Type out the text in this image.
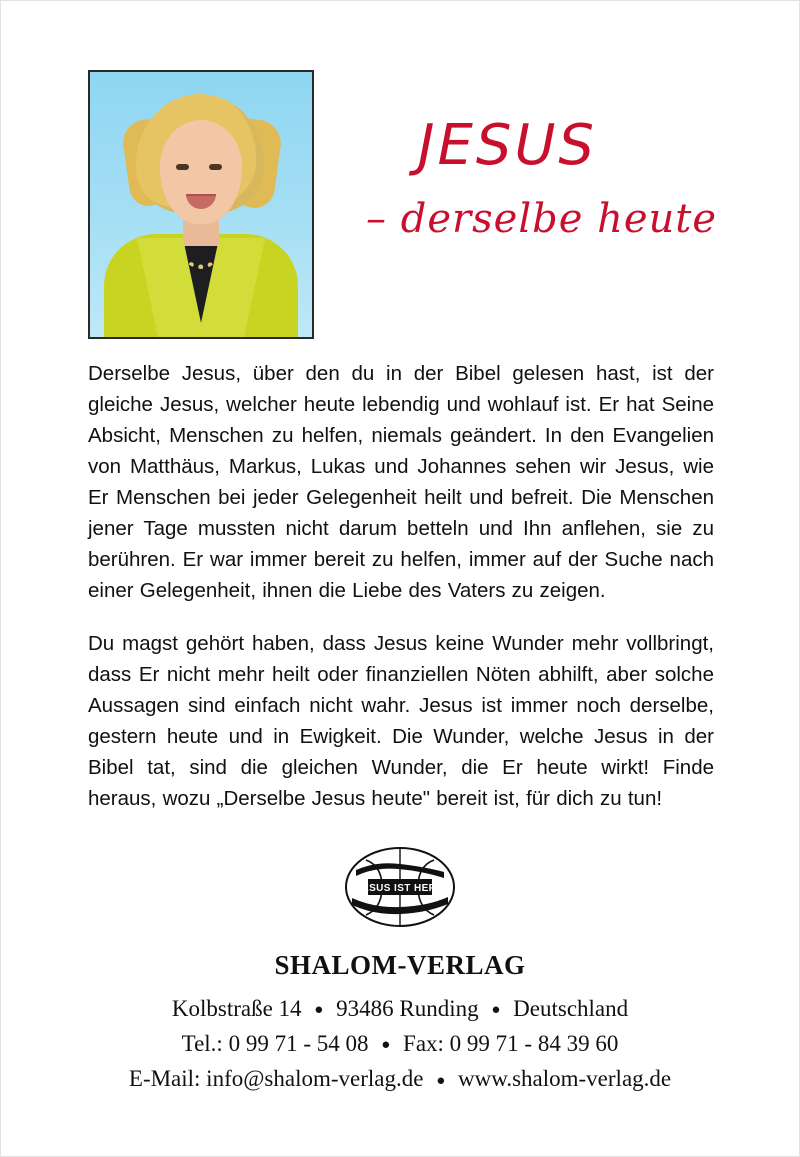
JESUS
– derselbe heute

Derselbe Jesus, über den du in der Bibel gelesen hast, ist der gleiche Jesus, welcher heute lebendig und wohlauf ist. Er hat Seine Absicht, Menschen zu helfen, niemals geändert. In den Evangelien von Matthäus, Markus, Lukas und Johannes sehen wir Jesus, wie Er Menschen bei jeder Gelegenheit heilt und befreit. Die Menschen jener Tage mussten nicht darum betteln und Ihn anflehen, sie zu berühren. Er war immer bereit zu helfen, immer auf der Suche nach einer Gelegenheit, ihnen die Liebe des Vaters zu zeigen.

Du magst gehört haben, dass Jesus keine Wunder mehr vollbringt, dass Er nicht mehr heilt oder finanziellen Nöten abhilft, aber solche Aussagen sind einfach nicht wahr. Jesus ist immer noch derselbe, gestern heute und in Ewigkeit. Die Wunder, welche Jesus in der Bibel tat, sind die gleichen Wunder, die Er heute wirkt! Finde heraus, wozu „Derselbe Jesus heute" bereit ist, für dich zu tun!

JESUS IST HERR
SHALOM-VERLAG
Kolbstraße 14 ● 93486 Runding ● Deutschland
Tel.: 0 99 71 - 54 08 ● Fax: 0 99 71 - 84 39 60
E-Mail: info@shalom-verlag.de ● www.shalom-verlag.de
